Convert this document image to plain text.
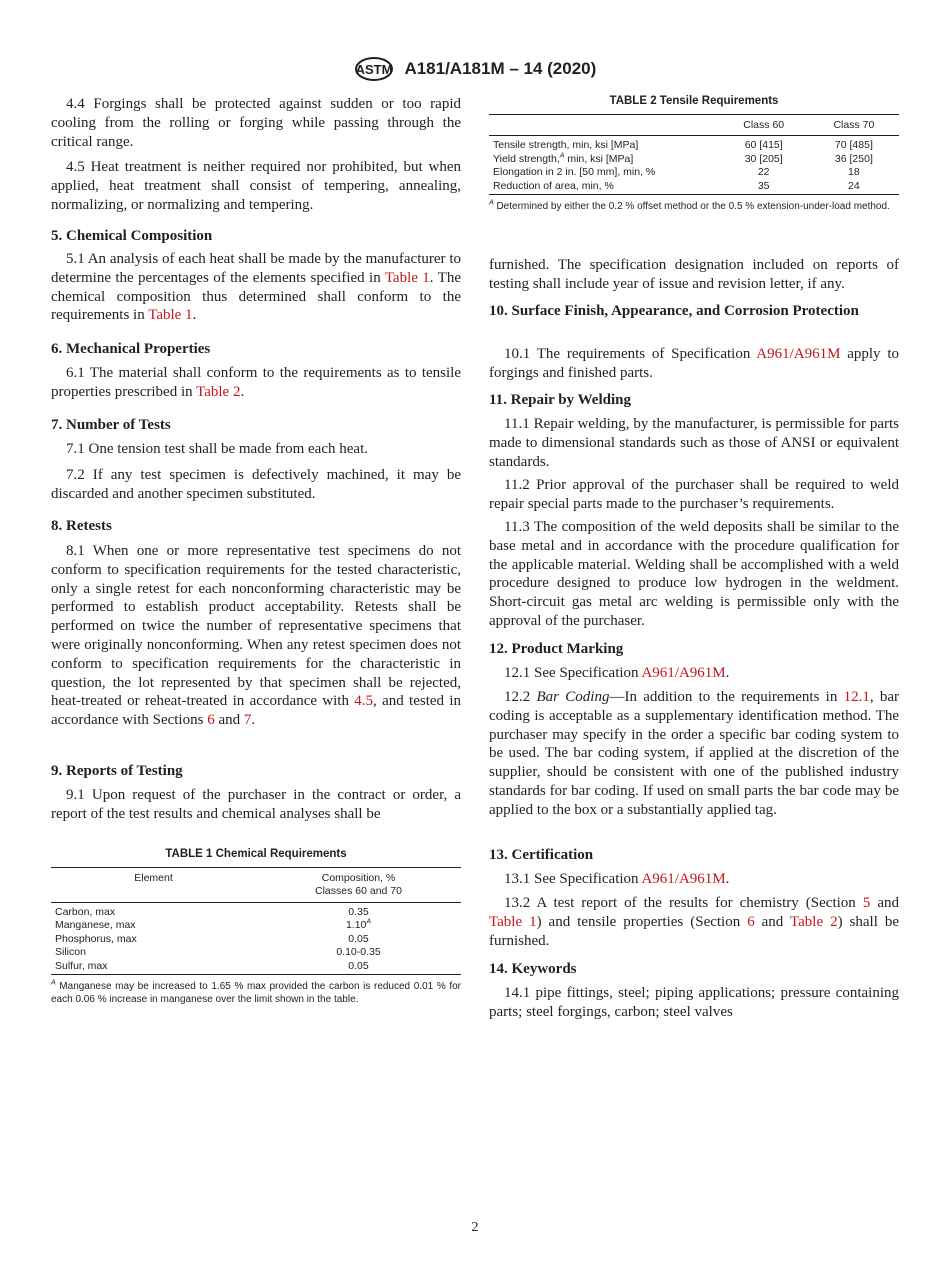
ASTM A181/A181M – 14 (2020)
4.4 Forgings shall be protected against sudden or too rapid cooling from the rolling or forging while passing through the critical range.
4.5 Heat treatment is neither required nor prohibited, but when applied, heat treatment shall consist of tempering, annealing, normalizing, or normalizing and tempering.
5. Chemical Composition
5.1 An analysis of each heat shall be made by the manufacturer to determine the percentages of the elements specified in Table 1. The chemical composition thus determined shall conform to the requirements in Table 1.
6. Mechanical Properties
6.1 The material shall conform to the requirements as to tensile properties prescribed in Table 2.
7. Number of Tests
7.1 One tension test shall be made from each heat.
7.2 If any test specimen is defectively machined, it may be discarded and another specimen substituted.
8. Retests
8.1 When one or more representative test specimens do not conform to specification requirements for the tested characteristic, only a single retest for each nonconforming characteristic may be performed to establish product acceptability. Retests shall be performed on twice the number of representative specimens that were originally nonconforming. When any retest specimen does not conform to specification requirements for the characteristic in question, the lot represented by that specimen shall be rejected, heat-treated or reheat-treated in accordance with 4.5, and tested in accordance with Sections 6 and 7.
9. Reports of Testing
9.1 Upon request of the purchaser in the contract or order, a report of the test results and chemical analyses shall be
furnished. The specification designation included on reports of testing shall include year of issue and revision letter, if any.
10. Surface Finish, Appearance, and Corrosion Protection
10.1 The requirements of Specification A961/A961M apply to forgings and finished parts.
11. Repair by Welding
11.1 Repair welding, by the manufacturer, is permissible for parts made to dimensional standards such as those of ANSI or equivalent standards.
11.2 Prior approval of the purchaser shall be required to weld repair special parts made to the purchaser’s requirements.
11.3 The composition of the weld deposits shall be similar to the base metal and in accordance with the procedure qualification for the applicable material. Welding shall be accomplished with a weld procedure designed to produce low hydrogen in the weldment. Short-circuit gas metal arc welding is permissible only with the approval of the purchaser.
12. Product Marking
12.1 See Specification A961/A961M.
12.2 Bar Coding—In addition to the requirements in 12.1, bar coding is acceptable as a supplementary identification method. The purchaser may specify in the order a specific bar coding system to be used. The bar coding system, if applied at the discretion of the supplier, should be consistent with one of the published industry standards for bar coding. If used on small parts the bar code may be applied to the box or a substantially applied tag.
13. Certification
13.1 See Specification A961/A961M.
13.2 A test report of the results for chemistry (Section 5 and Table 1) and tensile properties (Section 6 and Table 2) shall be furnished.
14. Keywords
14.1 pipe fittings, steel; piping applications; pressure containing parts; steel forgings, carbon; steel valves
TABLE 1 Chemical Requirements
Element	Composition, %
Classes 60 and 70

Carbon, max	0.35
Manganese, max	$1.10^A$
Phosphorus, max	0.05
Silicon	0.10-0.35
Sulfur, max	0.05
$^A$ Manganese may be increased to 1.65 % max provided the carbon is reduced 0.01 % for each 0.06 % increase in manganese over the limit shown in the table.
TABLE 2 Tensile Requirements
	Class 60	Class 70
Tensile strength, min, ksi [MPa]	60 [415]	70 [485]
Yield strength,$^A$ min, ksi [MPa]	30 [205]	36 [250]
Elongation in 2 in. [50 mm], min, %	22	18
Reduction of area, min, %	35	24
$^A$ Determined by either the 0.2 % offset method or the 0.5 % extension-under-load method.
2
